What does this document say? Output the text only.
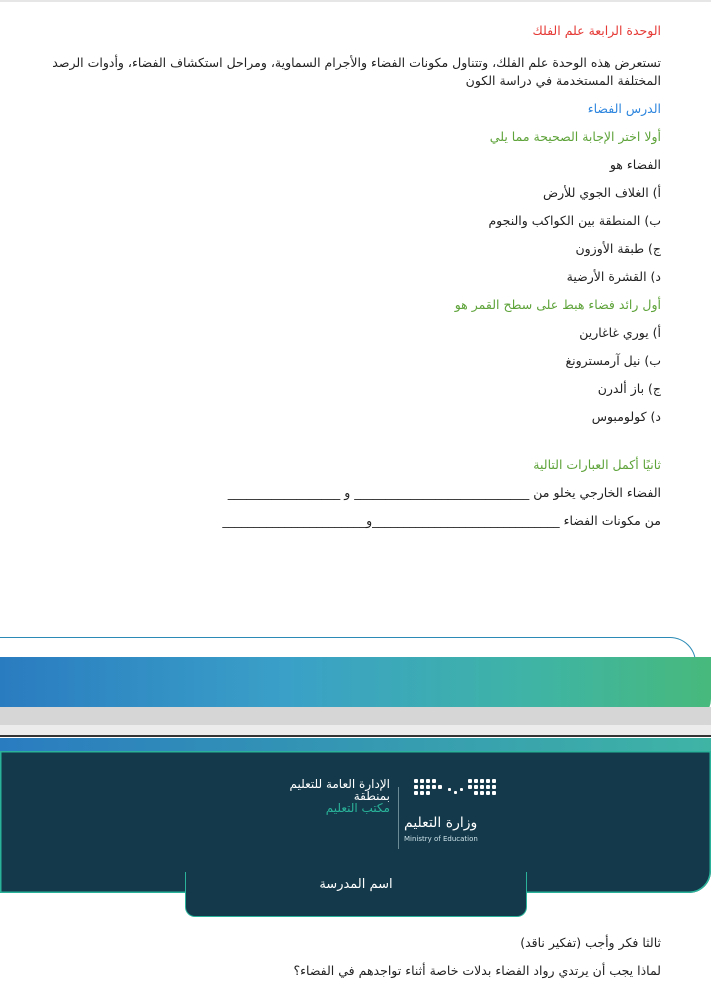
الوحدة الرابعة علم الفلك

تستعرض هذه الوحدة علم الفلك، وتتناول مكونات الفضاء والأجرام السماوية، ومراحل استكشاف الفضاء، وأدوات الرصد المختلفة المستخدمة في دراسة الكون

الدرس الفضاء

أولا اختر الإجابة الصحيحة مما يلي

الفضاء هو

أ) الغلاف الجوي للأرض

ب) المنطقة بين الكواكب والنجوم

ج) طبقة الأوزون

د) القشرة الأرضية

أول رائد فضاء هبط على سطح القمر هو

أ) يوري غاغارين

ب) نيل آرمسترونغ

ج) باز ألدرن

د) كولومبوس

ثانيًا أكمل العبارات التالية

الفضاء الخارجي يخلو من ____________________________ و __________________

من مكونات الفضاء ______________________________و_______________________

وزارة التعليم
Ministry of Education
الإدارة العامة للتعليم
بمنطقة
مكتب التعليم
اسم المدرسة

ثالثا فكر وأجب (تفكير ناقد)

لماذا يجب أن يرتدي رواد الفضاء بدلات خاصة أثناء تواجدهم في الفضاء؟
